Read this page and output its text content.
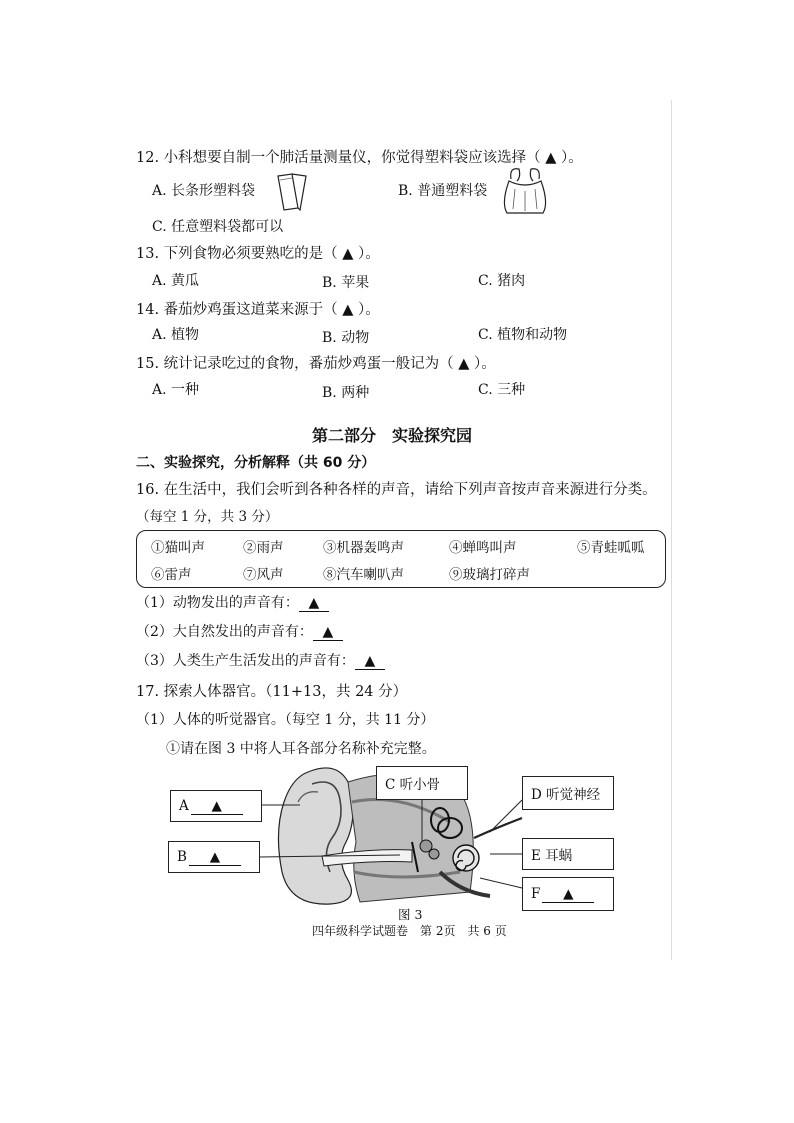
12. 小科想要自制一个肺活量测量仪，你觉得塑料袋应该选择（ ▲ ）。
A. 长条形塑料袋	B. 普通塑料袋
C. 任意塑料袋都可以
13. 下列食物必须要熟吃的是（ ▲ ）。
A. 黄瓜	B. 苹果	C. 猪肉
14. 番茄炒鸡蛋这道菜来源于（ ▲ ）。
A. 植物	B. 动物	C. 植物和动物
15. 统计记录吃过的食物，番茄炒鸡蛋一般记为（ ▲ ）。
A. 一种	B. 两种	C. 三种
第二部分　实验探究园
二、实验探究，分析解释（共 60 分）
16. 在生活中，我们会听到各种各样的声音，请给下列声音按声音来源进行分类。
（每空 1 分，共 3 分）
①猫叫声	②雨声	③机器轰鸣声	④蝉鸣叫声	⑤青蛙呱呱
⑥雷声	⑦风声	⑧汽车喇叭声	⑨玻璃打碎声
（1）动物发出的声音有： ▲
（2）大自然发出的声音有： ▲
（3）人类生产生活发出的声音有： ▲
17. 探索人体器官。（11+13，共 24 分）
（1）人体的听觉器官。（每空 1 分，共 11 分）
①请在图 3 中将人耳各部分名称补充完整。
A	▲
B	▲
C 听小骨
D 听觉神经
E 耳蜗
F	▲
图 3
四年级科学试题卷　第 2页　共 6 页
